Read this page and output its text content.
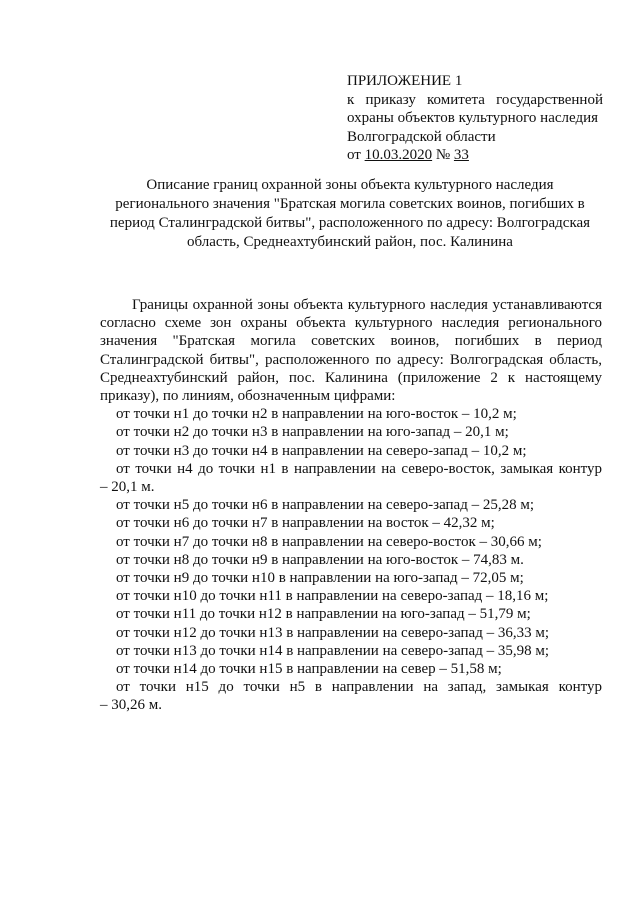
ПРИЛОЖЕНИЕ 1
к приказу комитета государственной
охраны объектов культурного наследия
Волгоградской области
от 10.03.2020 № 33
Описание границ охранной зоны объекта культурного наследия
регионального значения "Братская могила советских воинов, погибших в
период Сталинградской битвы", расположенного по адресу: Волгоградская
область, Среднеахтубинский район, пос. Калинина
Границы охранной зоны объекта культурного наследия устанавливаются
согласно схеме зон охраны объекта культурного наследия регионального
значения "Братская могила советских воинов, погибших в период
Сталинградской битвы", расположенного по адресу: Волгоградская область,
Среднеахтубинский район, пос. Калинина (приложение 2 к настоящему
приказу), по линиям, обозначенным цифрами:
от точки н1 до точки н2 в направлении на юго-восток – 10,2 м;
от точки н2 до точки н3 в направлении на юго-запад – 20,1 м;
от точки н3 до точки н4 в направлении на северо-запад – 10,2 м;
от точки н4 до точки н1 в направлении на северо-восток, замыкая контур
– 20,1 м.
от точки н5 до точки н6 в направлении на северо-запад – 25,28 м;
от точки н6 до точки н7 в направлении на восток – 42,32 м;
от точки н7 до точки н8 в направлении на северо-восток – 30,66 м;
от точки н8 до точки н9 в направлении на юго-восток – 74,83 м.
от точки н9 до точки н10 в направлении на юго-запад – 72,05 м;
от точки н10 до точки н11 в направлении на северо-запад – 18,16 м;
от точки н11 до точки н12 в направлении на юго-запад – 51,79 м;
от точки н12 до точки н13 в направлении на северо-запад – 36,33 м;
от точки н13 до точки н14 в направлении на северо-запад – 35,98 м;
от точки н14 до точки н15 в направлении на север – 51,58 м;
от точки н15 до точки н5 в направлении на запад, замыкая контур
– 30,26 м.
